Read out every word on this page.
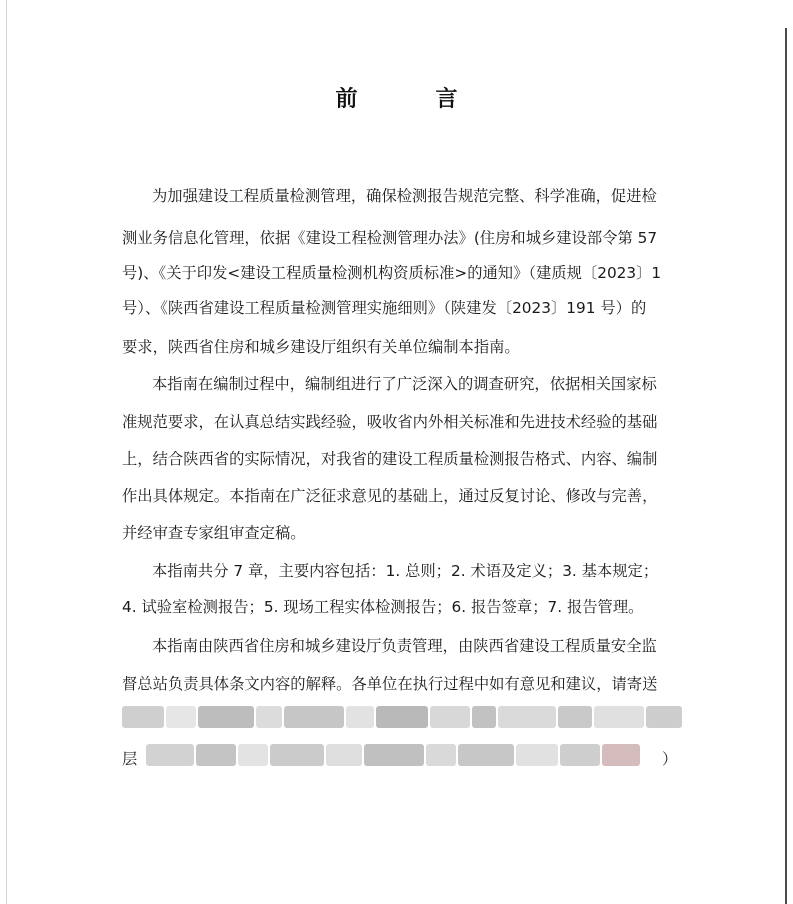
前　言
为加强建设工程质量检测管理，确保检测报告规范完整、科学准确，促进检
测业务信息化管理，依据《建设工程检测管理办法》(住房和城乡建设部令第 57
号)、《关于印发<建设工程质量检测机构资质标准>的通知》（建质规〔2023〕1
号）、《陕西省建设工程质量检测管理实施细则》（陕建发〔2023〕191 号）的
要求，陕西省住房和城乡建设厅组织有关单位编制本指南。
本指南在编制过程中，编制组进行了广泛深入的调查研究，依据相关国家标
准规范要求，在认真总结实践经验，吸收省内外相关标准和先进技术经验的基础
上，结合陕西省的实际情况，对我省的建设工程质量检测报告格式、内容、编制
作出具体规定。本指南在广泛征求意见的基础上，通过反复讨论、修改与完善，
并经审查专家组审查定稿。
本指南共分 7 章，主要内容包括：1. 总则；2. 术语及定义；3. 基本规定；
4. 试验室检测报告；5. 现场工程实体检测报告；6. 报告签章；7. 报告管理。
本指南由陕西省住房和城乡建设厅负责管理，由陕西省建设工程质量安全监
督总站负责具体条文内容的解释。各单位在执行过程中如有意见和建议，请寄送
层	）
